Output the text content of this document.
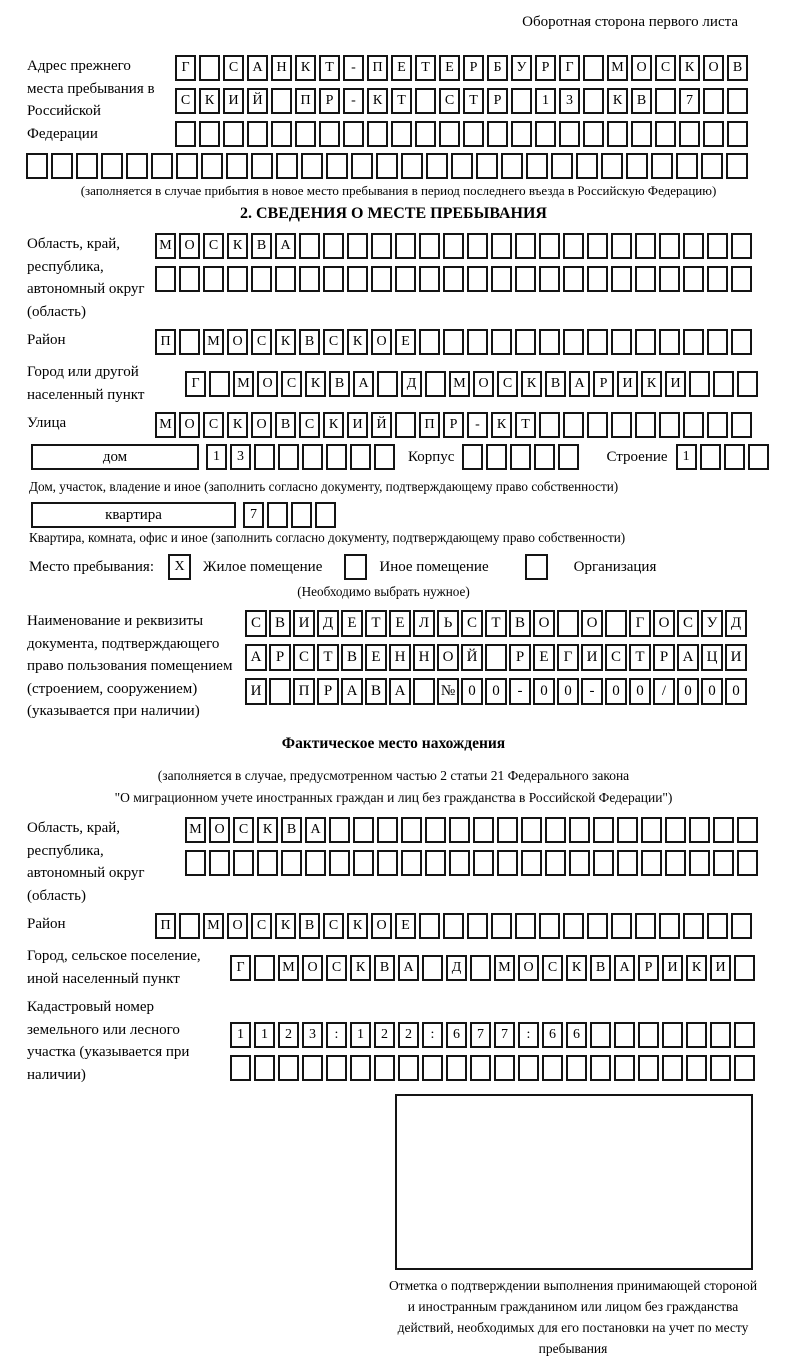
Оборотная сторона первого листа
Адрес прежнего места пребывания в Российской Федерации
Г	С	А Н	К	Т	-	П	Е	Т	Е	Р	Б	У	Р	Г	М О	С	К	О	В
С	К	И Й	П	Р	-	К	Т	С	Т	Р	1	3	К	В	7
(заполняется в случае прибытия в новое место пребывания в период последнего въезда в Российскую Федерацию)
2. СВЕДЕНИЯ О МЕСТЕ ПРЕБЫВАНИЯ
Область, край, республика, автономный округ (область)
М О	С	К	В	А
Район	П	М О	С	К	В	С	К	О	Е
Город или другой населенный пункт
Г	М О	С	К	В	А	Д	М О	С	К	В	А	Р	И	К	И
Улица	М О	С	К	О	В	С	К	И Й	П	Р	-	К	Т
дом	1	3	Корпус	Строение	1
Дом, участок, владение и иное (заполнить согласно документу, подтверждающему право собственности)
квартира	7
Квартира, комната, офис и иное (заполнить согласно документу, подтверждающему право собственности)
Место пребывания:	X	Жилое помещение	Иное помещение	Организация
(Необходимо выбрать нужное)
Наименование и реквизиты документа, подтверждающего право пользования помещением (строением, сооружением) (указывается при наличии)
С В И Д Е Т Е Л Ь С Т В О	О	Г О С У Д
А Р С Т В Е Н Н О Й	Р	Е	Г И С Т	Р А Ц И
И	П Р А В А	№ 0	0	-	0	0	-	0	0	/	0	0	0
Фактическое место нахождения
(заполняется в случае, предусмотренном частью 2 статьи 21 Федерального закона
"О миграционном учете иностранных граждан и лиц без гражданства в Российской Федерации")
Область, край, республика, автономный округ (область)
М О	С	К	В	А
Район	П	М О	С	К	В	С	К	О	Е
Город, сельское поселение, иной населенный пункт
Г	М О	С	К	В	А	Д	М О	С	К	В	А	Р	И	К	И
Кадастровый номер земельного или лесного участка (указывается при наличии)
1	1	2	3	:	1	2	2	:	6	7	7	:	6	6
Отметка о подтверждении выполнения принимающей стороной и иностранным гражданином или лицом без гражданства действий, необходимых для его постановки на учет по месту пребывания
